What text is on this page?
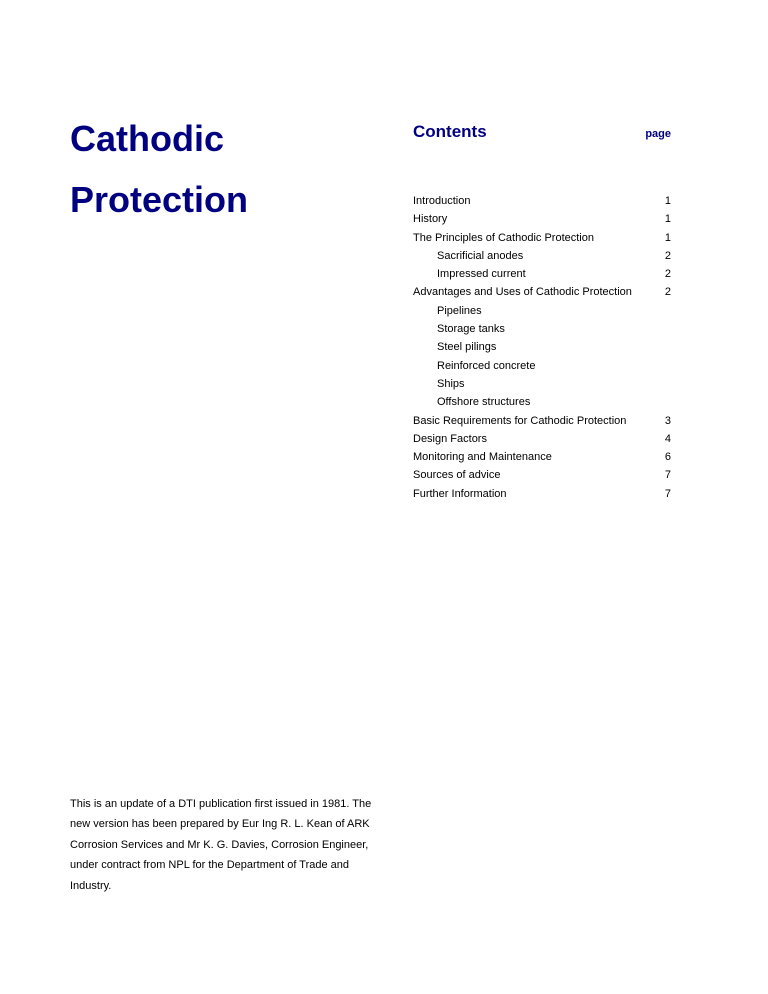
Cathodic
Protection
Contents	page
Introduction	1
History	1
The Principles of Cathodic Protection	1
Sacrificial anodes	2
Impressed current	2
Advantages and Uses of Cathodic Protection	2
Pipelines
Storage tanks
Steel pilings
Reinforced concrete
Ships
Offshore structures
Basic Requirements for Cathodic Protection	3
Design Factors	4
Monitoring and Maintenance	6
Sources of advice	7
Further Information	7

This is an update of a DTI publication first issued in 1981. The new version has been prepared by Eur Ing R. L. Kean of ARK Corrosion Services and Mr K. G. Davies, Corrosion Engineer, under contract from NPL for the Department of Trade and Industry.
